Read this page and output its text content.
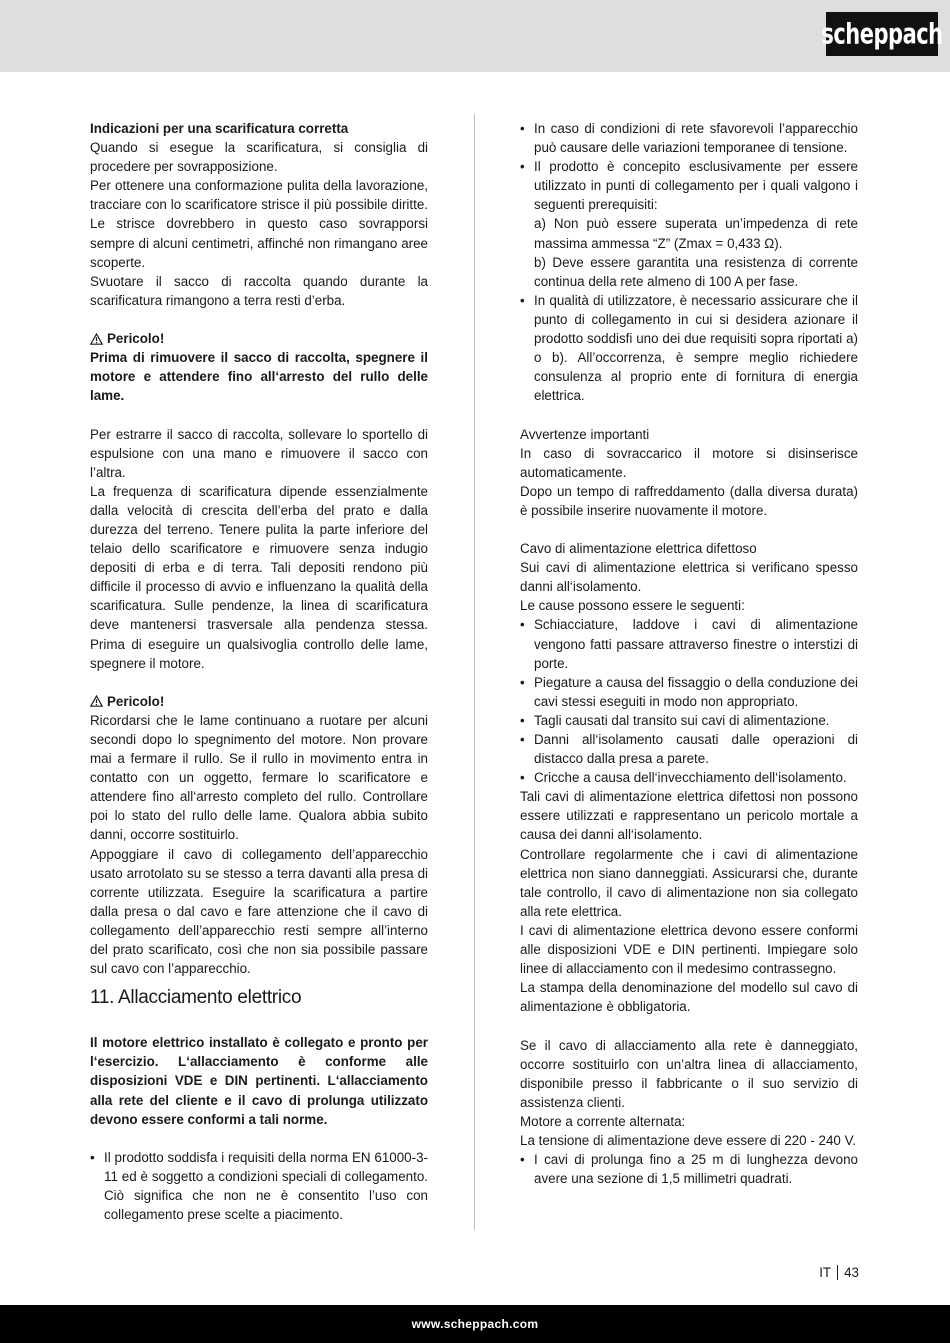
scheppach

Indicazioni per una scarificatura corretta

Quando si esegue la scarificatura, si consiglia di procedere per sovrapposizione.

Per ottenere una conformazione pulita della lavorazione, tracciare con lo scarificatore strisce il più possibile diritte. Le strisce dovrebbero in questo caso sovrapporsi sempre di alcuni centimetri, affinché non rimangano aree scoperte.

Svuotare il sacco di raccolta quando durante la scarificatura rimangono a terra resti d’erba.

Pericolo!

Prima di rimuovere il sacco di raccolta, spegnere il motore e attendere fino all‘arresto del rullo delle lame.

Per estrarre il sacco di raccolta, sollevare lo sportello di espulsione con una mano e rimuovere il sacco con l’altra.

La frequenza di scarificatura dipende essenzialmente dalla velocità di crescita dell’erba del prato e dalla durezza del terreno. Tenere pulita la parte inferiore del telaio dello scarificatore e rimuovere senza indugio depositi di erba e di terra. Tali depositi rendono più difficile il processo di avvio e influenzano la qualità della scarificatura. Sulle pendenze, la linea di scarificatura deve mantenersi trasversale alla pendenza stessa. Prima di eseguire un qualsivoglia controllo delle lame, spegnere il motore.

Pericolo!

Ricordarsi che le lame continuano a ruotare per alcuni secondi dopo lo spegnimento del motore. Non provare mai a fermare il rullo. Se il rullo in movimento entra in contatto con un oggetto, fermare lo scarificatore e attendere fino all‘arresto completo del rullo. Controllare poi lo stato del rullo delle lame. Qualora abbia subito danni, occorre sostituirlo.

Appoggiare il cavo di collegamento dell’apparecchio usato arrotolato su se stesso a terra davanti alla presa di corrente utilizzata. Eseguire la scarificatura a partire dalla presa o dal cavo e fare attenzione che il cavo di collegamento dell’apparecchio resti sempre all’interno del prato scarificato, così che non sia possibile passare sul cavo con l’apparecchio.

11. Allacciamento elettrico

Il motore elettrico installato è collegato e pronto per l‘esercizio. L‘allacciamento è conforme alle disposizioni VDE e DIN pertinenti. L‘allacciamento alla rete del cliente e il cavo di prolunga utilizzato devono essere conformi a tali norme.

• Il prodotto soddisfa i requisiti della norma EN 61000-3-11 ed è soggetto a condizioni speciali di collegamento. Ciò significa che non ne è consentito l’uso con collegamento prese scelte a piacimento.

• In caso di condizioni di rete sfavorevoli l’apparecchio può causare delle variazioni temporanee di tensione.

• Il prodotto è concepito esclusivamente per essere utilizzato in punti di collegamento per i quali valgono i seguenti prerequisiti:

a) Non può essere superata un’impedenza di rete massima ammessa “Z” (Zmax = 0,433 Ω).

b) Deve essere garantita una resistenza di corrente continua della rete almeno di 100 A per fase.

• In qualità di utilizzatore, è necessario assicurare che il punto di collegamento in cui si desidera azionare il prodotto soddisfi uno dei due requisiti sopra riportati a) o b). All’occorrenza, è sempre meglio richiedere consulenza al proprio ente di fornitura di energia elettrica.

Avvertenze importanti

In caso di sovraccarico il motore si disinserisce automaticamente.

Dopo un tempo di raffreddamento (dalla diversa durata) è possibile inserire nuovamente il motore.

Cavo di alimentazione elettrica difettoso

Sui cavi di alimentazione elettrica si verificano spesso danni all‘isolamento.

Le cause possono essere le seguenti:

• Schiacciature, laddove i cavi di alimentazione vengono fatti passare attraverso finestre o interstizi di porte.

• Piegature a causa del fissaggio o della conduzione dei cavi stessi eseguiti in modo non appropriato.

• Tagli causati dal transito sui cavi di alimentazione.

• Danni all‘isolamento causati dalle operazioni di distacco dalla presa a parete.

• Cricche a causa dell‘invecchiamento dell‘isolamento.

Tali cavi di alimentazione elettrica difettosi non possono essere utilizzati e rappresentano un pericolo mortale a causa dei danni all‘isolamento.

Controllare regolarmente che i cavi di alimentazione elettrica non siano danneggiati. Assicurarsi che, durante tale controllo, il cavo di alimentazione non sia collegato alla rete elettrica.

I cavi di alimentazione elettrica devono essere conformi alle disposizioni VDE e DIN pertinenti. Impiegare solo linee di allacciamento con il medesimo contrassegno.

La stampa della denominazione del modello sul cavo di alimentazione è obbligatoria.

Se il cavo di allacciamento alla rete è danneggiato, occorre sostituirlo con un’altra linea di allacciamento, disponibile presso il fabbricante o il suo servizio di assistenza clienti.

Motore a corrente alternata:

La tensione di alimentazione deve essere di 220 - 240 V.

• I cavi di prolunga fino a 25 m di lunghezza devono avere una sezione di 1,5 millimetri quadrati.

IT 43
www.scheppach.com
